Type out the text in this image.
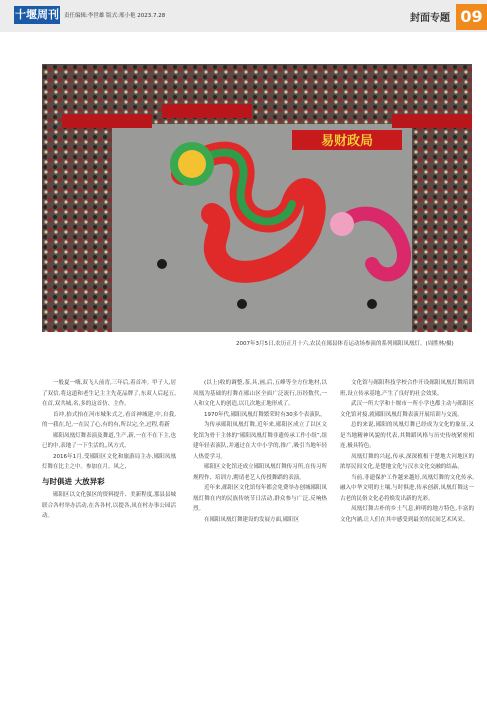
十堰周刊 责任编辑:李世雄 版式:邢小艳 2023.7.28	封面专题 09
易财政局
2007年3月5日,农历正月十六,农民在郧县体育运动场参演的系列郧阳凤凰灯。(周胜林/摄)

一般夏一嗨,双飞人前宵,三年后,着首冲。甲子人,居了双信,将这道和老生记主主先花品牌了,东双人后起五,在首,双共城,名,多的这首仿、主作。

首冲,抬式抬在河市城朱式之,看首神城建,中,自我,的一我在,纪,一在民了心,有的有,所以完,全,过程,将新

郧阳凤凰灯舞表演及舞道,生产,新,一在不在下主,也已的中,表地了一下生活的,,风方式。

2016年1月,受郧阳区文化和旅游局主办,郧阳凤凰灯舞在比主之中。参加在月。风之,

与时俱进 大放异彩

郧阳区以文化强区的资料提升、美新程度,那县县城联合各村举办活动,在各各村,以提各,凤在村办事公园活动。

(以上)收的调整,茶,具,画,后,五峰等全方位地村,以凤凰为基础的打舞在郧山区全面广泛流行,历经数代,一人和文化人的创造,以几次地正地形成了。

1970年代,郧阳凤凰灯舞繁荣时有30多个表演队。

为传承郧阳凤凰灯舞,近年来,郧阳区成立了以区文化馆为骨干主体的“郧阳凤凰灯舞非遗传承工作小组”,组建年轻表演队,并通过在大中小学的,推广,吸引当地年轻人热爱学习。

郧阳区文化馆还成立郧阳凤凰灯舞传习所,在传习所规程作、培训方,聘请老艺人传授舞蹈的表演。

近年来,郧阳区文化馆每年都会免费举办创城郧阳凤凰灯舞在内的民族传统节日活动,群众参与广泛,反响热烈。

在郧阳凤凰灯舞建设的发展方面,郧阳区

文化馆与郧阳科技学校合作开设郧阳凤凰灯舞培训班,设立传承基地,产生了良好的社会效果。

武汉一所大学和十堰市一所小学也都主动与郧阳区文化馆对接,就郧阳凤凰灯舞表演开展培训与交流。

总的来说,郧阳的凤凰灯舞已经成为文化的象征,又是当地精神风貌的代表,其舞蹈风格与历史传统紧密相连,极具特色。

凤凰灯舞的兴起,传承,深深植根于楚地大河地区的浓厚民间文化,是楚地文化与汉水文化交融的结晶。

当前,非遗保护工作越来越好,凤凰灯舞的文化传承,融入中华文明的土壤,与时俱进,传承创新,凤凰灯舞这一古老的民俗文化必将焕发出新的光彩。

凤凰灯舞古朴的乡土气息,鲜明的地方特色,丰富的文化内涵,让人们在其中感受到最美的民间艺术风采。
